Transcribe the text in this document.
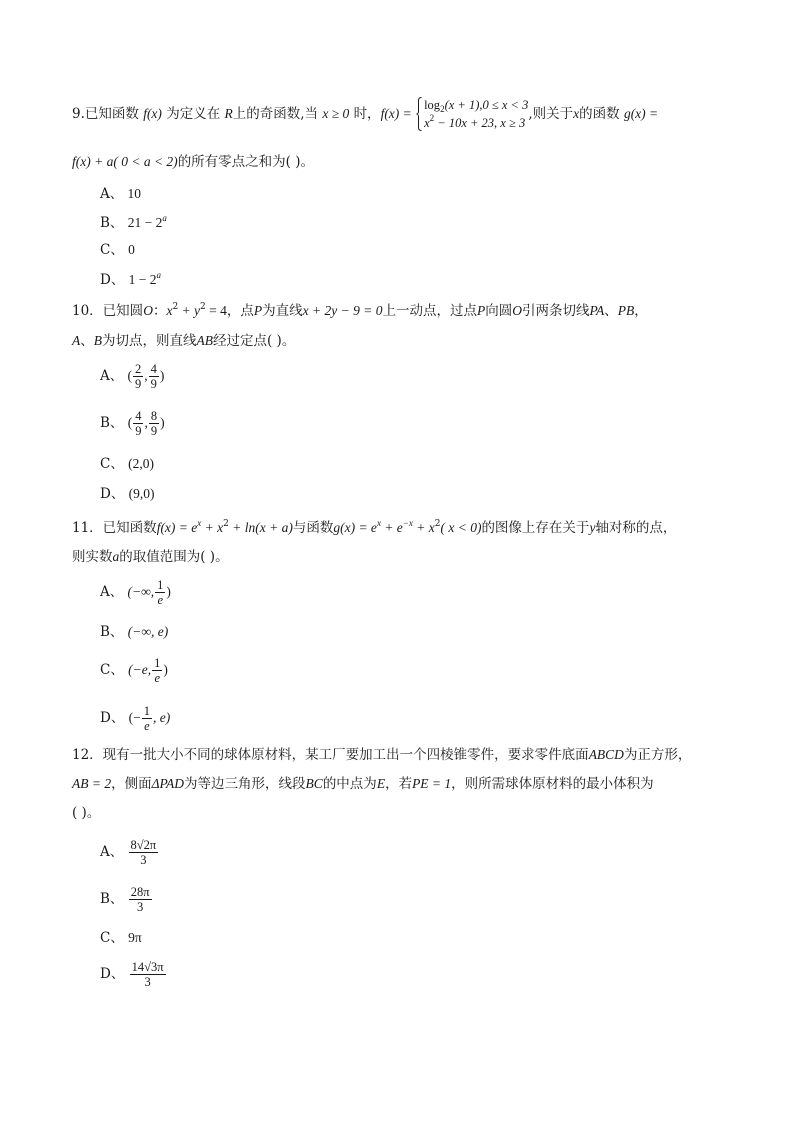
9.已知函数 f(x) 为定义在 R上的奇函数,当 x ≥ 0 时，f(x) =
$\log_2(x + 1),0 \le x < 3$
$x^2 - 10x + 23$, x ≥ 3
,则关于x的函数 g(x) =
f(x) + a( 0 < a < 2)的所有零点之和为( )。
A、 10
B、 $21 - 2^a$
C、 0
D、 $1 - 2^a$
10．已知圆O：$x^2 + y^2 = 4$，点P为直线x + 2y − 9 = 0上一动点，过点P向圆O引两条切线PA、PB，
A、B为切点，则直线AB经过定点( )。
A、 ( $\frac{2}{9}$ , $\frac{4}{9}$ )
B、 ( $\frac{4}{9}$ , $\frac{8}{9}$ )
C、 (2,0)
D、 (9,0)
11．已知函数$f(x) = e^x + x^2 + \ln(x + a)$与函数$g(x) = e^x + e^{-x} + x^2$( x < 0)的图像上存在关于y轴对称的点，
则实数a的取值范围为( )。
A、 (−∞, $\frac{1}{e}$ )
B、 (−∞, e)
C、 (−e, $\frac{1}{e}$ )
D、 (− $\frac{1}{e}$ , e)
12．现有一批大小不同的球体原材料，某工厂要加工出一个四棱锥零件，要求零件底面ABCD为正方形，
AB = 2，侧面ΔPAD为等边三角形，线段BC的中点为E，若PE = 1，则所需球体原材料的最小体积为
( )。
A、 $\frac{8√2\pi}{3}$
B、 $\frac{28\pi}{3}$
C、 9π
D、 $\frac{14√3\pi}{3}$
